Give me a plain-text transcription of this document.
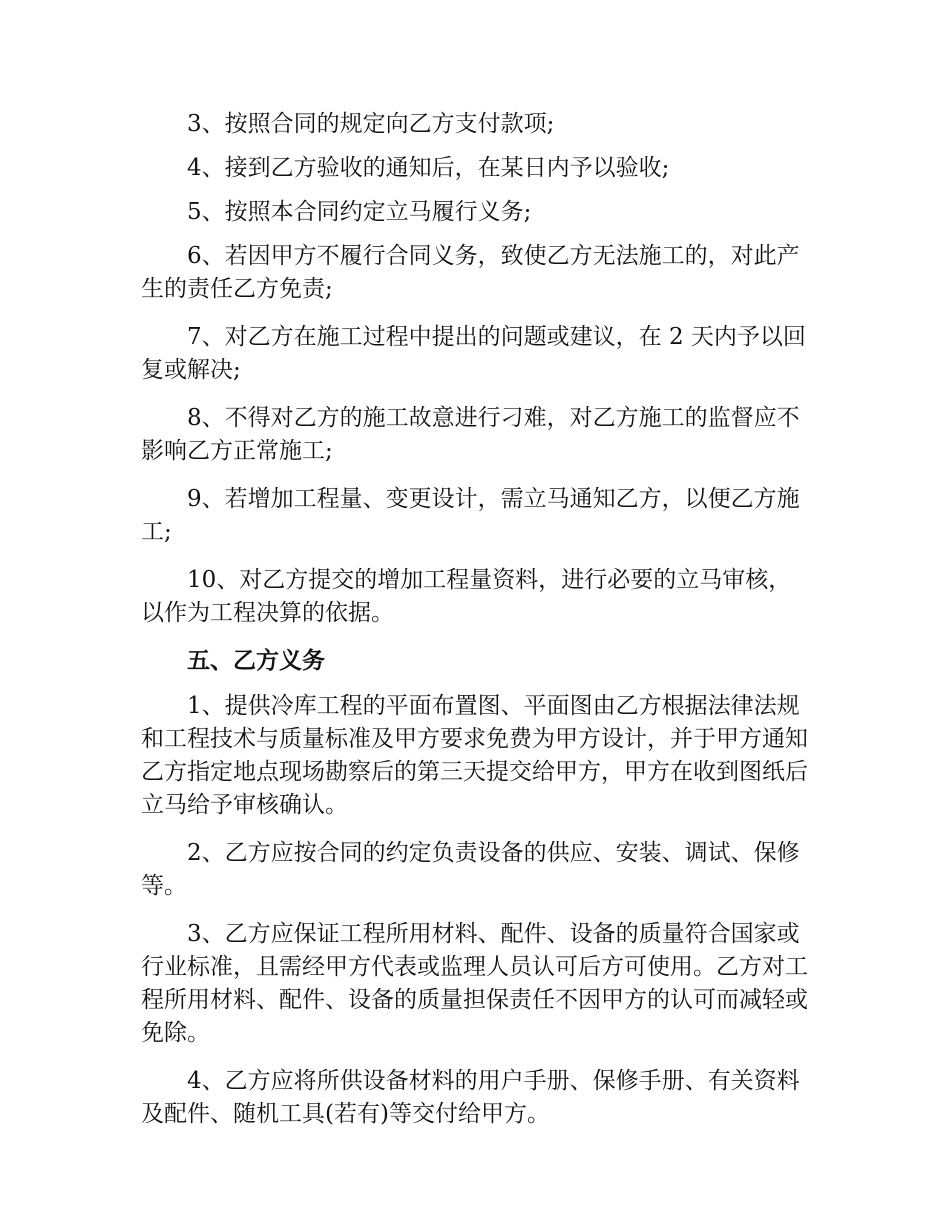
3、按照合同的规定向乙方支付款项;

4、接到乙方验收的通知后，在某日内予以验收;

5、按照本合同约定立马履行义务;

6、若因甲方不履行合同义务，致使乙方无法施工的，对此产生的责任乙方免责;

7、对乙方在施工过程中提出的问题或建议，在 2 天内予以回复或解决;

8、不得对乙方的施工故意进行刁难，对乙方施工的监督应不影响乙方正常施工;

9、若增加工程量、变更设计，需立马通知乙方，以便乙方施工;

10、对乙方提交的增加工程量资料，进行必要的立马审核，以作为工程决算的依据。

五、乙方义务

1、提供冷库工程的平面布置图、平面图由乙方根据法律法规和工程技术与质量标准及甲方要求免费为甲方设计，并于甲方通知乙方指定地点现场勘察后的第三天提交给甲方，甲方在收到图纸后立马给予审核确认。

2、乙方应按合同的约定负责设备的供应、安装、调试、保修等。

3、乙方应保证工程所用材料、配件、设备的质量符合国家或行业标准，且需经甲方代表或监理人员认可后方可使用。乙方对工程所用材料、配件、设备的质量担保责任不因甲方的认可而减轻或免除。

4、乙方应将所供设备材料的用户手册、保修手册、有关资料及配件、随机工具(若有)等交付给甲方。
